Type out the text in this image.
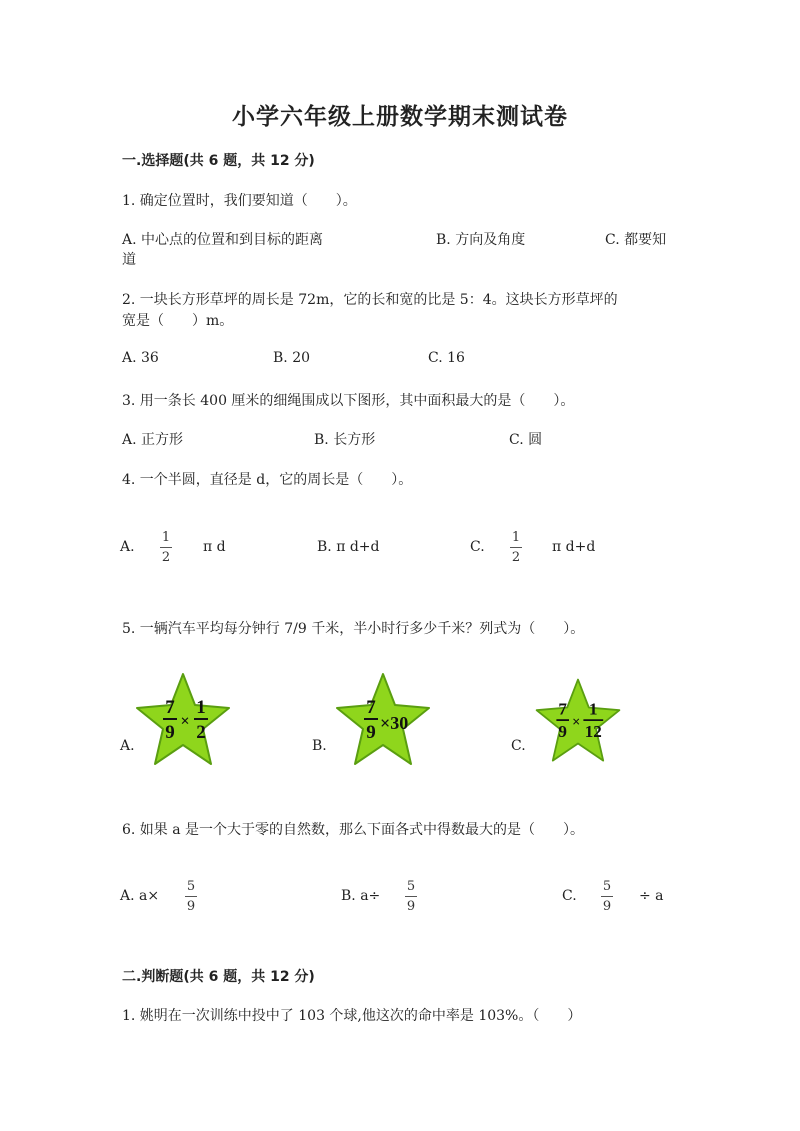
小学六年级上册数学期末测试卷
一.选择题(共 6 题，共 12 分)
1. 确定位置时，我们要知道（　　）。
A. 中心点的位置和到目标的距离	B. 方向及角度	C. 都要知
道
2. 一块长方形草坪的周长是 72m，它的长和宽的比是 5：4。这块长方形草坪的
宽是（　　）m。
A. 36	B. 20	C. 16
3. 用一条长 400 厘米的细绳围成以下图形，其中面积最大的是（　　）。
A. 正方形	B. 长方形	C. 圆
4. 一个半圆，直径是 d，它的周长是（　　）。
A.
1
2
π d	B. π d+d	C.
1
2
π d+d
5. 一辆汽车平均每分钟行 7/9 千米，半小时行多少千米？列式为（　　）。
A.	B.	C.
7
9
×
1
2
7
9 ×30
7
9 ×
1
12
6. 如果 a 是一个大于零的自然数，那么下面各式中得数最大的是（　　）。
A. a×
5
9
B. a÷
5
9
C.
5
9
÷ a
二.判断题(共 6 题，共 12 分)
1. 姚明在一次训练中投中了 103 个球,他这次的命中率是 103%。（　　）
